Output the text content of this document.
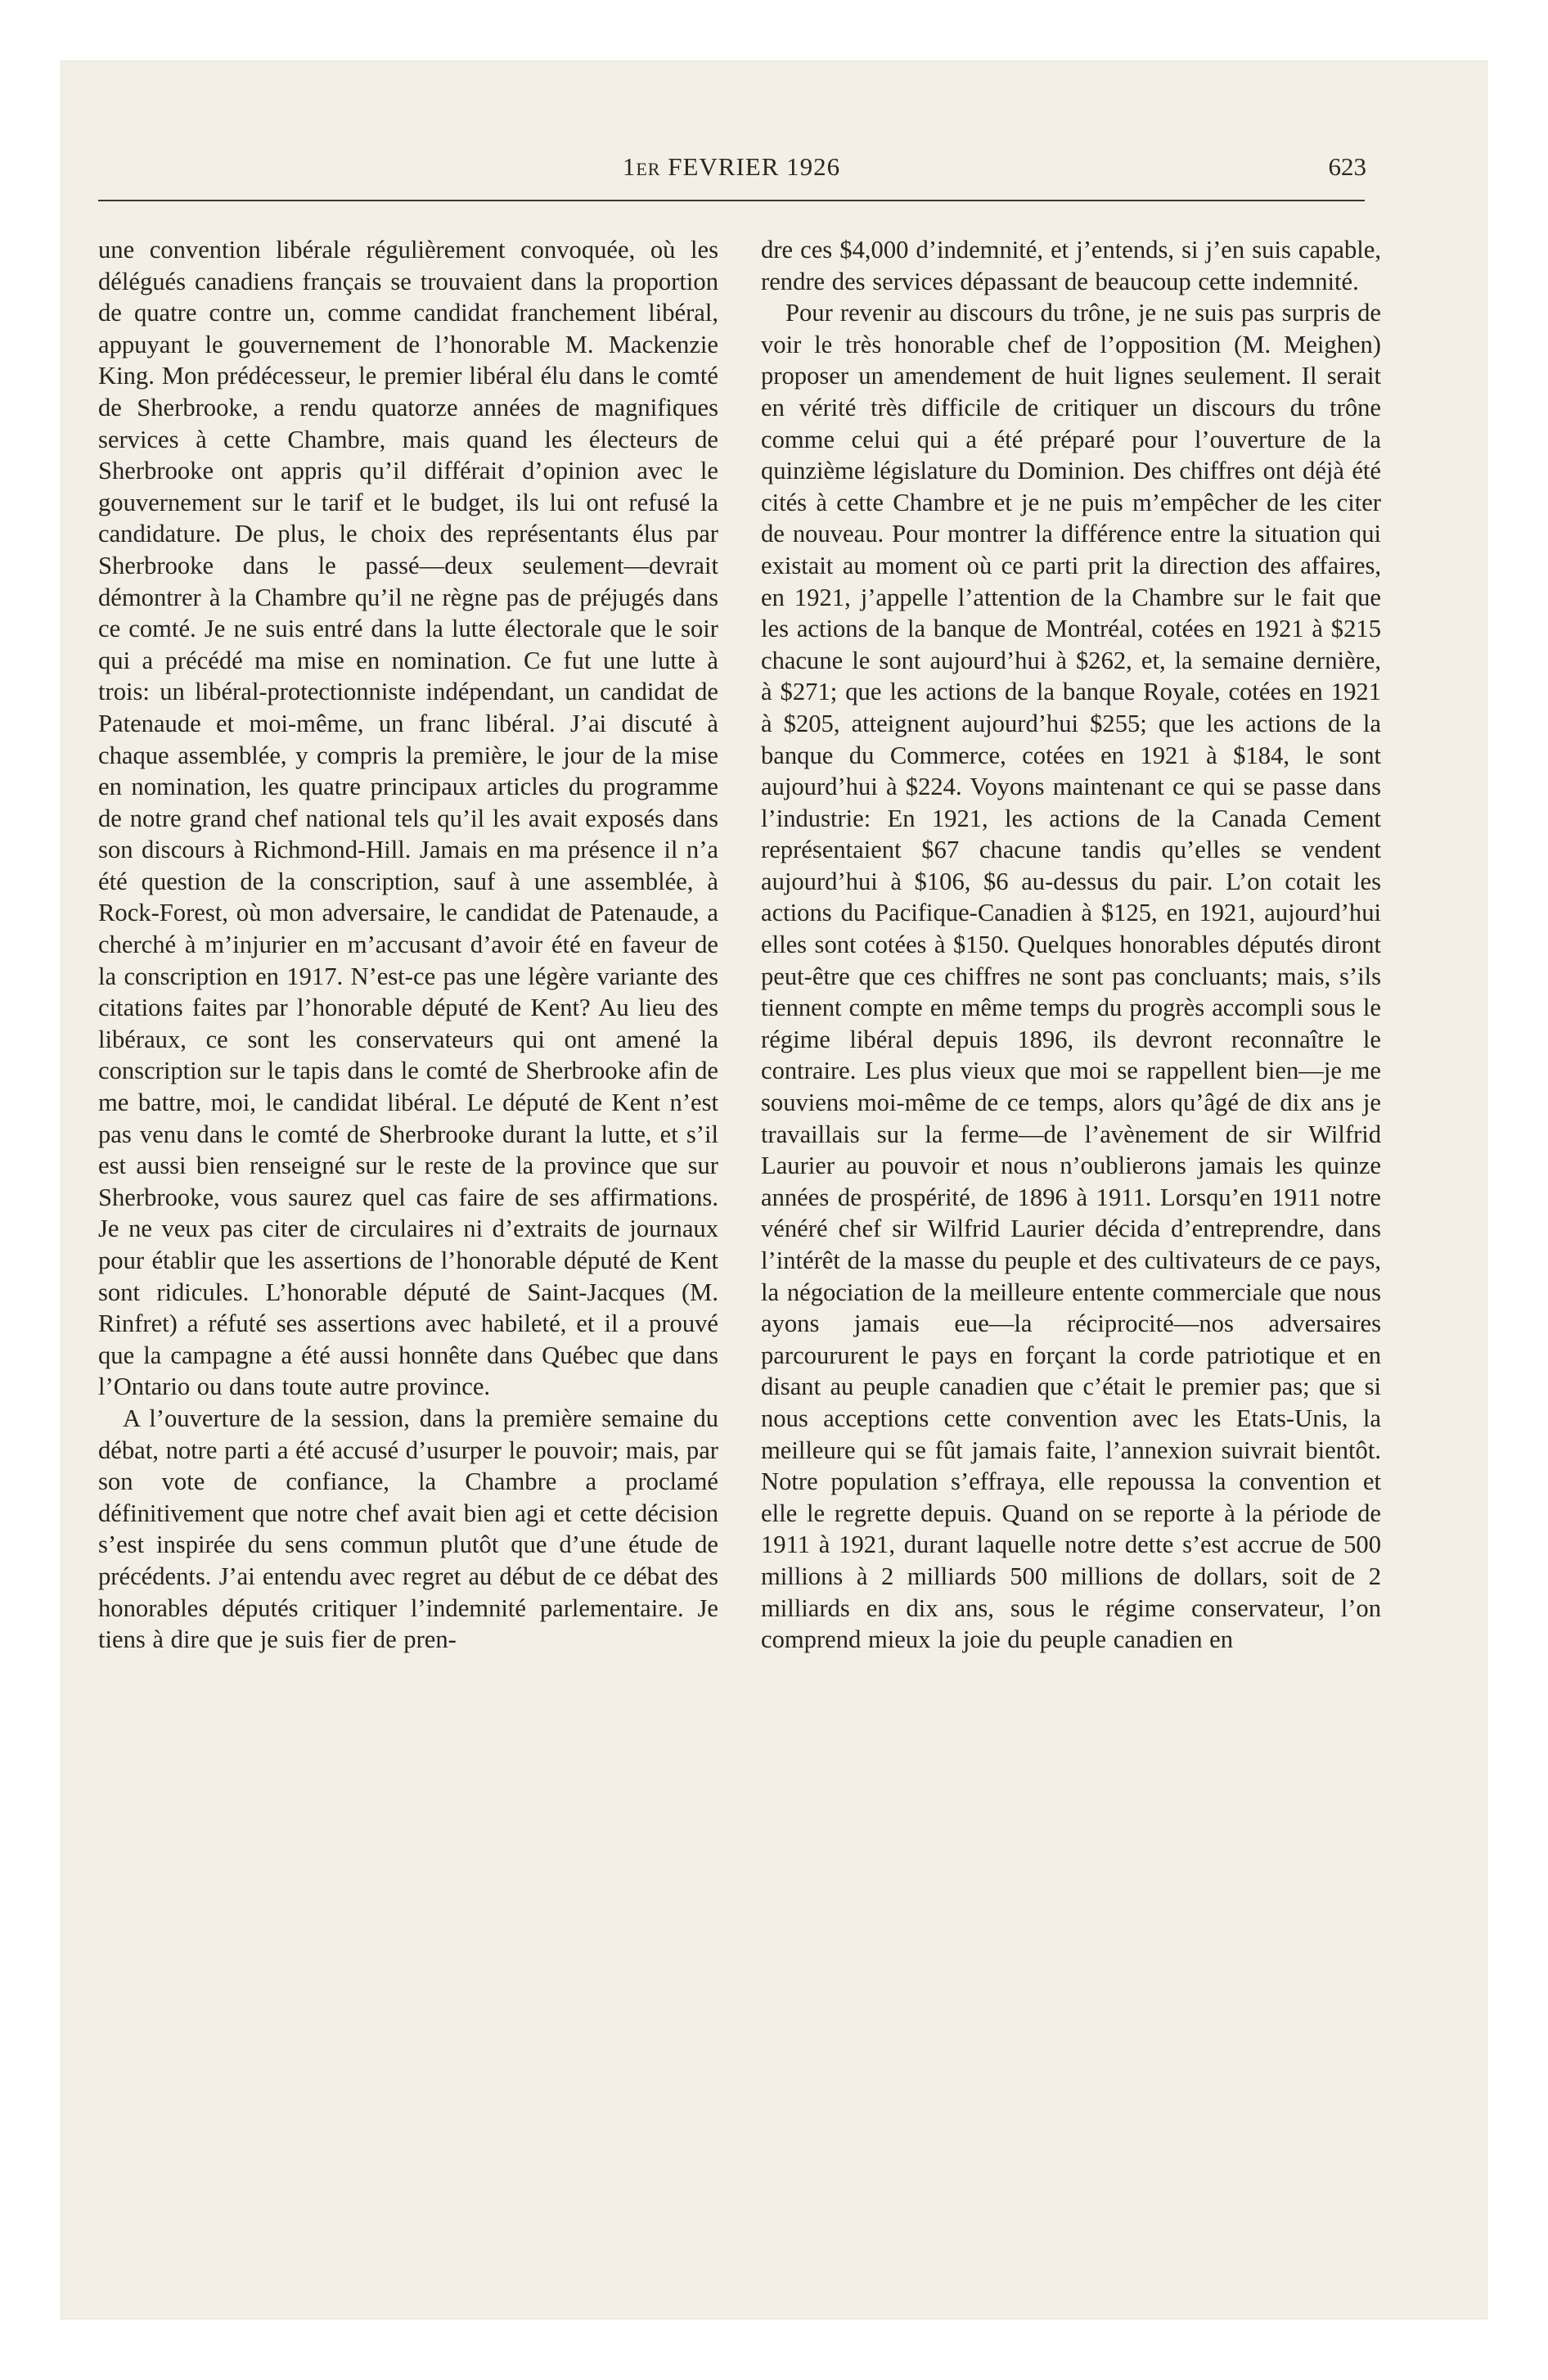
1er FEVRIER 1926	623

une convention libérale régulièrement convoquée, où les délégués canadiens français se trouvaient dans la proportion de quatre contre un, comme candidat franchement libéral, appuyant le gouvernement de l’honorable M. Mackenzie King. Mon prédécesseur, le premier libéral élu dans le comté de Sherbrooke, a rendu quatorze années de magnifiques services à cette Chambre, mais quand les électeurs de Sherbrooke ont appris qu’il différait d’opinion avec le gouvernement sur le tarif et le budget, ils lui ont refusé la candidature. De plus, le choix des représentants élus par Sherbrooke dans le passé—deux seulement—devrait démontrer à la Chambre qu’il ne règne pas de préjugés dans ce comté. Je ne suis entré dans la lutte électorale que le soir qui a précédé ma mise en nomination. Ce fut une lutte à trois: un libéral-protectionniste indépendant, un candidat de Patenaude et moi-même, un franc libéral. J’ai discuté à chaque assemblée, y compris la première, le jour de la mise en nomination, les quatre principaux articles du programme de notre grand chef national tels qu’il les avait exposés dans son discours à Richmond-Hill. Jamais en ma présence il n’a été question de la conscription, sauf à une assemblée, à Rock-Forest, où mon adversaire, le candidat de Patenaude, a cherché à m’injurier en m’accusant d’avoir été en faveur de la conscription en 1917. N’est-ce pas une légère variante des citations faites par l’honorable député de Kent? Au lieu des libéraux, ce sont les conservateurs qui ont amené la conscription sur le tapis dans le comté de Sherbrooke afin de me battre, moi, le candidat libéral. Le député de Kent n’est pas venu dans le comté de Sherbrooke durant la lutte, et s’il est aussi bien renseigné sur le reste de la province que sur Sherbrooke, vous saurez quel cas faire de ses affirmations. Je ne veux pas citer de circulaires ni d’extraits de journaux pour établir que les assertions de l’honorable député de Kent sont ridicules. L’honorable député de Saint-Jacques (M. Rinfret) a réfuté ses assertions avec habileté, et il a prouvé que la campagne a été aussi honnête dans Québec que dans l’Ontario ou dans toute autre province.

A l’ouverture de la session, dans la première semaine du débat, notre parti a été accusé d’usurper le pouvoir; mais, par son vote de confiance, la Chambre a proclamé définitivement que notre chef avait bien agi et cette décision s’est inspirée du sens commun plutôt que d’une étude de précédents. J’ai entendu avec regret au début de ce débat des honorables députés critiquer l’indemnité parlementaire. Je tiens à dire que je suis fier de pren-

dre ces $4,000 d’indemnité, et j’entends, si j’en suis capable, rendre des services dépassant de beaucoup cette indemnité.

Pour revenir au discours du trône, je ne suis pas surpris de voir le très honorable chef de l’opposition (M. Meighen) proposer un amendement de huit lignes seulement. Il serait en vérité très difficile de critiquer un discours du trône comme celui qui a été préparé pour l’ouverture de la quinzième législature du Dominion. Des chiffres ont déjà été cités à cette Chambre et je ne puis m’empêcher de les citer de nouveau. Pour montrer la différence entre la situation qui existait au moment où ce parti prit la direction des affaires, en 1921, j’appelle l’attention de la Chambre sur le fait que les actions de la banque de Montréal, cotées en 1921 à $215 chacune le sont aujourd’hui à $262, et, la semaine dernière, à $271; que les actions de la banque Royale, cotées en 1921 à $205, atteignent aujourd’hui $255; que les actions de la banque du Commerce, cotées en 1921 à $184, le sont aujourd’hui à $224. Voyons maintenant ce qui se passe dans l’industrie: En 1921, les actions de la Canada Cement représentaient $67 chacune tandis qu’elles se vendent aujourd’hui à $106, $6 au-dessus du pair. L’on cotait les actions du Pacifique-Canadien à $125, en 1921, aujourd’hui elles sont cotées à $150. Quelques honorables députés diront peut-être que ces chiffres ne sont pas concluants; mais, s’ils tiennent compte en même temps du progrès accompli sous le régime libéral depuis 1896, ils devront reconnaître le contraire. Les plus vieux que moi se rappellent bien—je me souviens moi-même de ce temps, alors qu’âgé de dix ans je travaillais sur la ferme—de l’avènement de sir Wilfrid Laurier au pouvoir et nous n’oublierons jamais les quinze années de prospérité, de 1896 à 1911. Lorsqu’en 1911 notre vénéré chef sir Wilfrid Laurier décida d’entreprendre, dans l’intérêt de la masse du peuple et des cultivateurs de ce pays, la négociation de la meilleure entente commerciale que nous ayons jamais eue—la réciprocité—nos adversaires parcoururent le pays en forçant la corde patriotique et en disant au peuple canadien que c’était le premier pas; que si nous acceptions cette convention avec les Etats-Unis, la meilleure qui se fût jamais faite, l’annexion suivrait bientôt. Notre population s’effraya, elle repoussa la convention et elle le regrette depuis. Quand on se reporte à la période de 1911 à 1921, durant laquelle notre dette s’est accrue de 500 millions à 2 milliards 500 millions de dollars, soit de 2 milliards en dix ans, sous le régime conservateur, l’on comprend mieux la joie du peuple canadien en
